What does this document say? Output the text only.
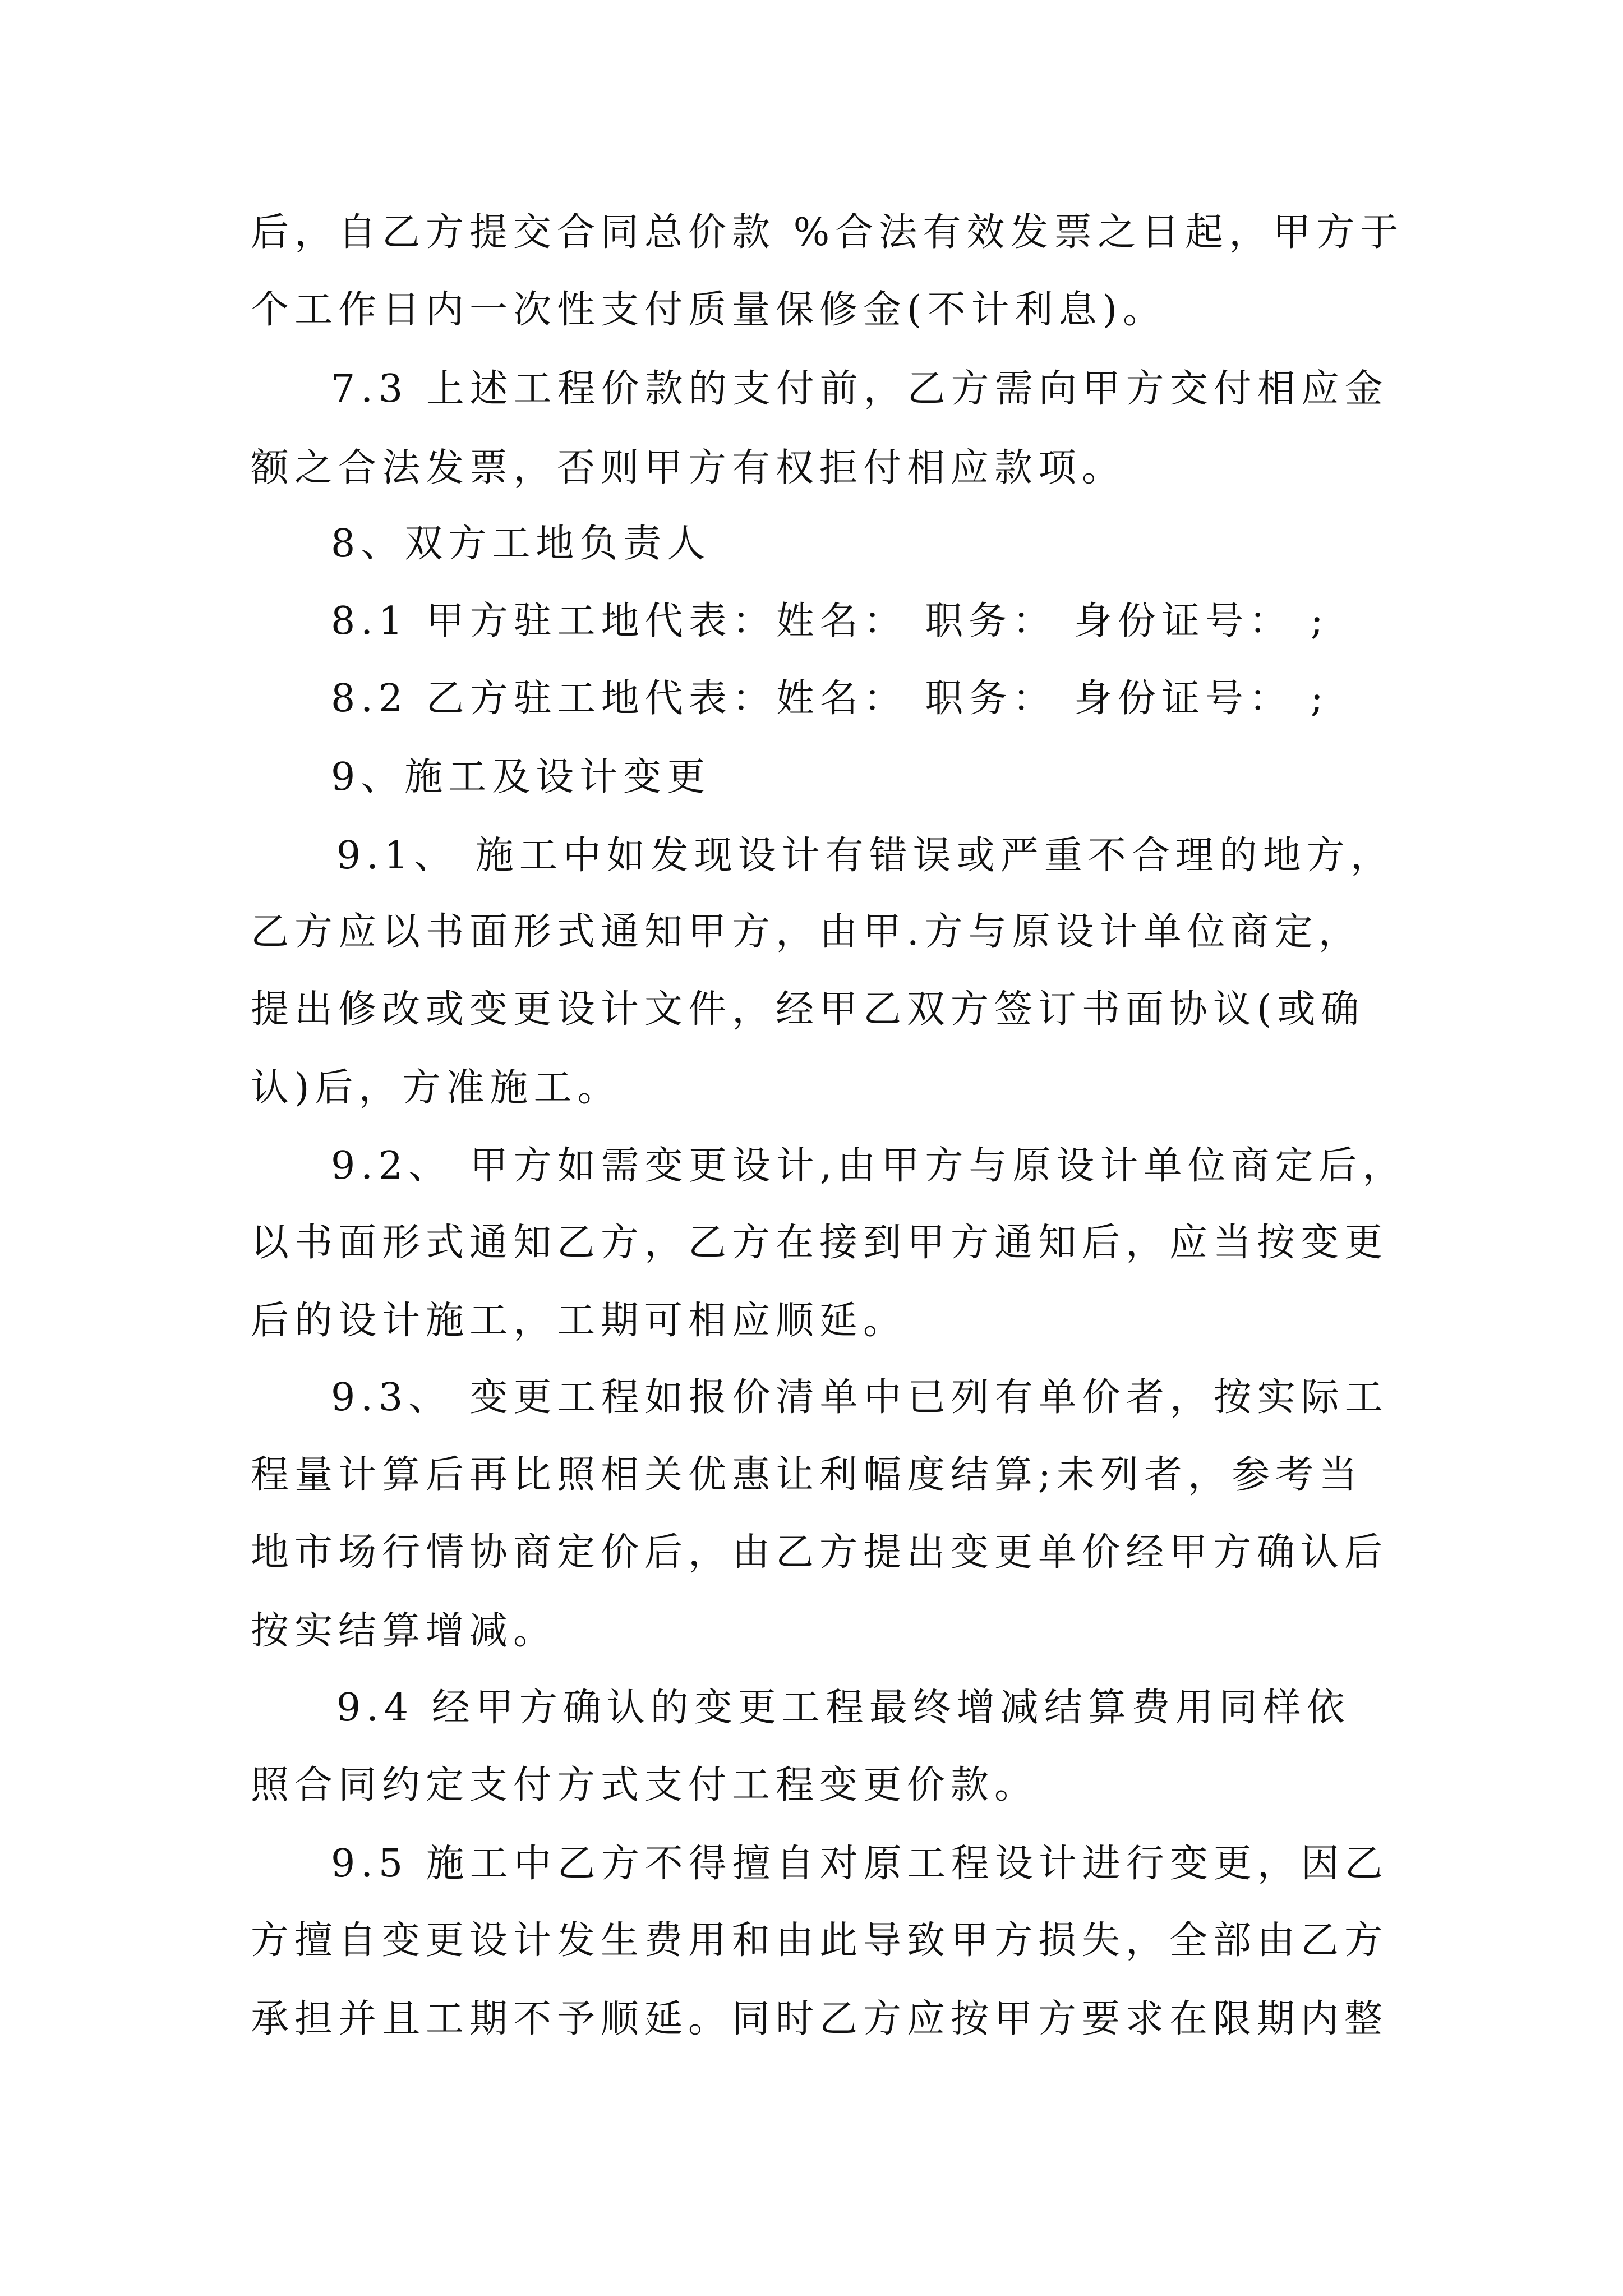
后，自乙方提交合同总价款 %合法有效发票之日起，甲方于
个工作日内一次性支付质量保修金(不计利息)。
7.3 上述工程价款的支付前，乙方需向甲方交付相应金
额之合法发票，否则甲方有权拒付相应款项。
8、双方工地负责人
8.1 甲方驻工地代表：姓名： 职务： 身份证号： ;
8.2 乙方驻工地代表：姓名： 职务： 身份证号： ;
9、施工及设计变更
9.1、 施工中如发现设计有错误或严重不合理的地方，
乙方应以书面形式通知甲方，由甲.方与原设计单位商定，
提出修改或变更设计文件，经甲乙双方签订书面协议(或确
认)后，方准施工。
9.2、 甲方如需变更设计,由甲方与原设计单位商定后，
以书面形式通知乙方，乙方在接到甲方通知后，应当按变更
后的设计施工，工期可相应顺延。
9.3、 变更工程如报价清单中已列有单价者，按实际工
程量计算后再比照相关优惠让利幅度结算;未列者，参考当
地市场行情协商定价后，由乙方提出变更单价经甲方确认后
按实结算增减。
9.4 经甲方确认的变更工程最终增减结算费用同样依
照合同约定支付方式支付工程变更价款。
9.5 施工中乙方不得擅自对原工程设计进行变更，因乙
方擅自变更设计发生费用和由此导致甲方损失，全部由乙方
承担并且工期不予顺延。同时乙方应按甲方要求在限期内整
